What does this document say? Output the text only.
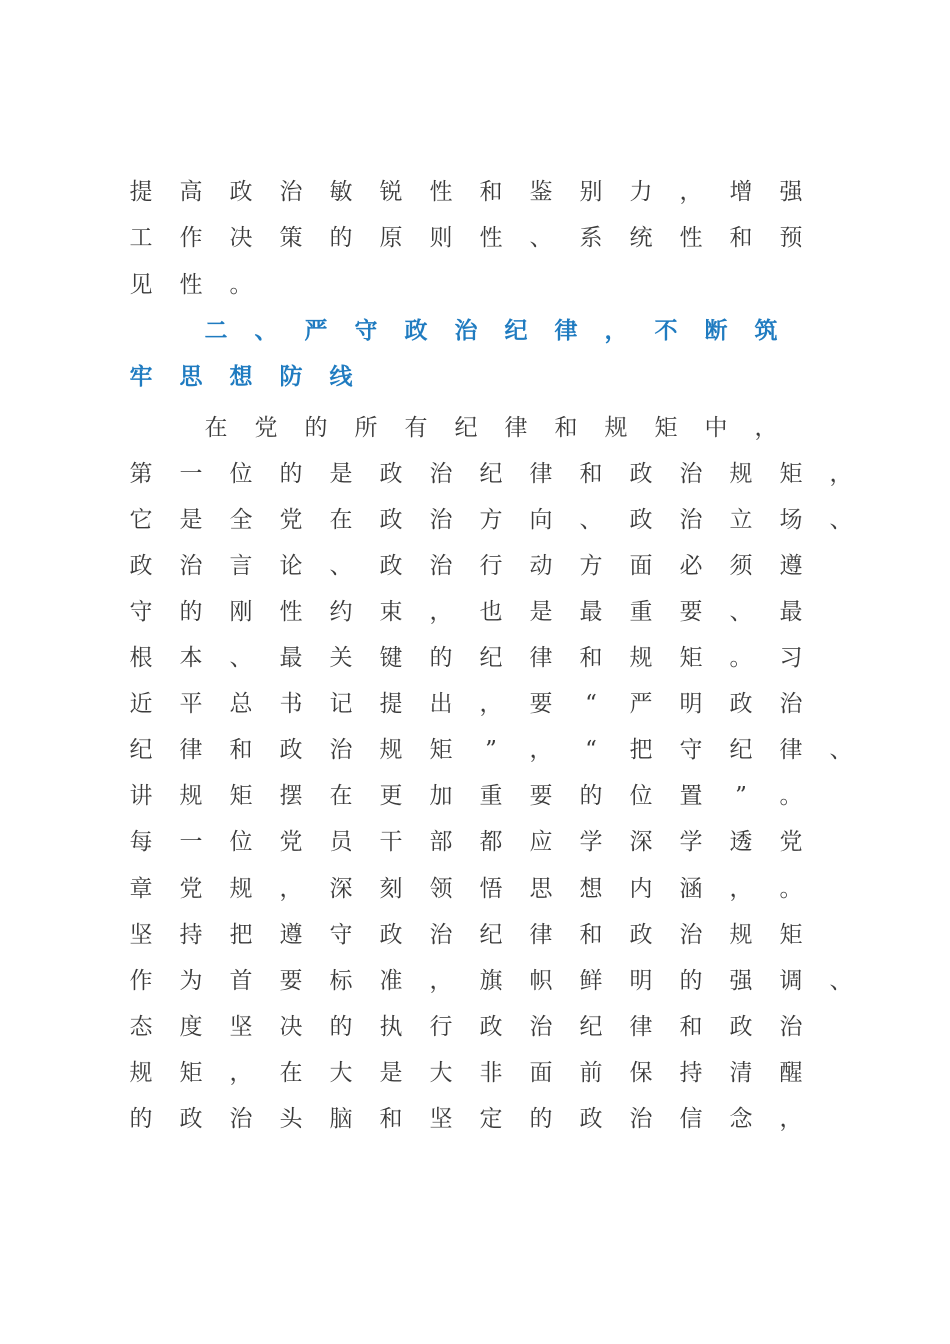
提	高	政	治	敏	锐	性	和	鉴	别	力	，	增	强
工	作	决	策	的	原	则	性	、	系	统	性	和	预
见	性	。
二	、	严	守	政	治	纪	律	，	不	断	筑
牢	思	想	防	线
在	党	的	所	有	纪	律	和	规	矩	中	，
第	一	位	的	是	政	治	纪	律	和	政	治	规	矩	，
它	是	全	党	在	政	治	方	向	、	政	治	立	场	、
政	治	言	论	、	政	治	行	动	方	面	必	须	遵
守	的	刚	性	约	束	，	也	是	最	重	要	、	最
根	本	、	最	关	键	的	纪	律	和	规	矩	。	习
近	平	总	书	记	提	出	，	要	“	严	明	政	治
纪	律	和	政	治	规	矩	”	，	“	把	守	纪	律	、
讲	规	矩	摆	在	更	加	重	要	的	位	置	”	。
每	一	位	党	员	干	部	都	应	学	深	学	透	党
章	党	规	，	深	刻	领	悟	思	想	内	涵	，	。
坚	持	把	遵	守	政	治	纪	律	和	政	治	规	矩
作	为	首	要	标	准	，	旗	帜	鲜	明	的	强	调	、
态	度	坚	决	的	执	行	政	治	纪	律	和	政	治
规	矩	，	在	大	是	大	非	面	前	保	持	清	醒
的	政	治	头	脑	和	坚	定	的	政	治	信	念	，
